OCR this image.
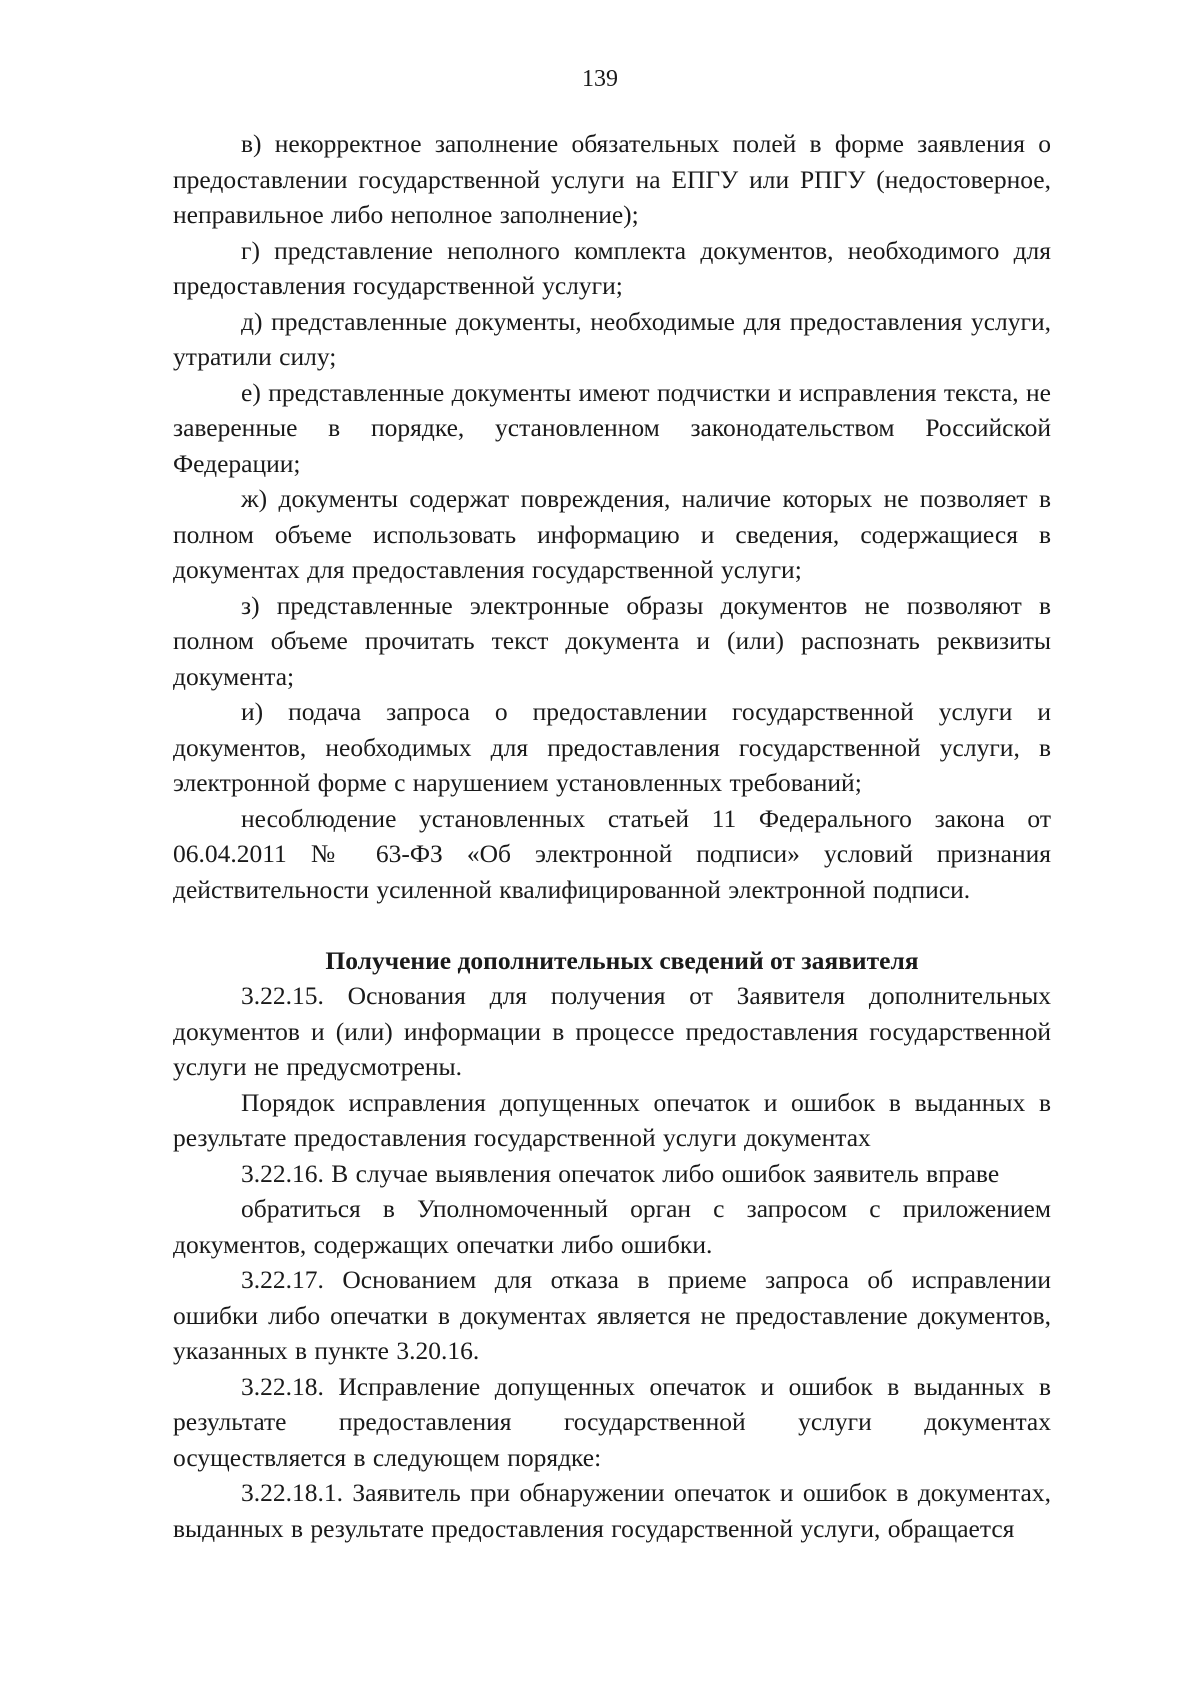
139

в) некорректное заполнение обязательных полей в форме заявления о предоставлении государственной услуги на ЕПГУ или РПГУ (недостоверное, неправильное либо неполное заполнение);

г) представление неполного комплекта документов, необходимого для предоставления государственной услуги;

д) представленные документы, необходимые для предоставления услуги, утратили силу;

е) представленные документы имеют подчистки и исправления текста, не заверенные в порядке, установленном законодательством Российской Федерации;

ж) документы содержат повреждения, наличие которых не позволяет в полном объеме использовать информацию и сведения, содержащиеся в документах для предоставления государственной услуги;

з) представленные электронные образы документов не позволяют в полном объеме прочитать текст документа и (или) распознать реквизиты документа;

и) подача запроса о предоставлении государственной услуги и документов, необходимых для предоставления государственной услуги, в электронной форме с нарушением установленных требований;

несоблюдение установленных статьей 11 Федерального закона от 06.04.2011 № 63-ФЗ «Об электронной подписи» условий признания действительности усиленной квалифицированной электронной подписи.

Получение дополнительных сведений от заявителя

3.22.15. Основания для получения от Заявителя дополнительных документов и (или) информации в процессе предоставления государственной услуги не предусмотрены.

Порядок исправления допущенных опечаток и ошибок в выданных в результате предоставления государственной услуги документах

3.22.16. В случае выявления опечаток либо ошибок заявитель вправе

обратиться в Уполномоченный орган с запросом с приложением документов, содержащих опечатки либо ошибки.

3.22.17. Основанием для отказа в приеме запроса об исправлении ошибки либо опечатки в документах является не предоставление документов, указанных в пункте 3.20.16.

3.22.18. Исправление допущенных опечаток и ошибок в выданных в результате предоставления государственной услуги документах осуществляется в следующем порядке:

3.22.18.1. Заявитель при обнаружении опечаток и ошибок в документах, выданных в результате предоставления государственной услуги, обращается
